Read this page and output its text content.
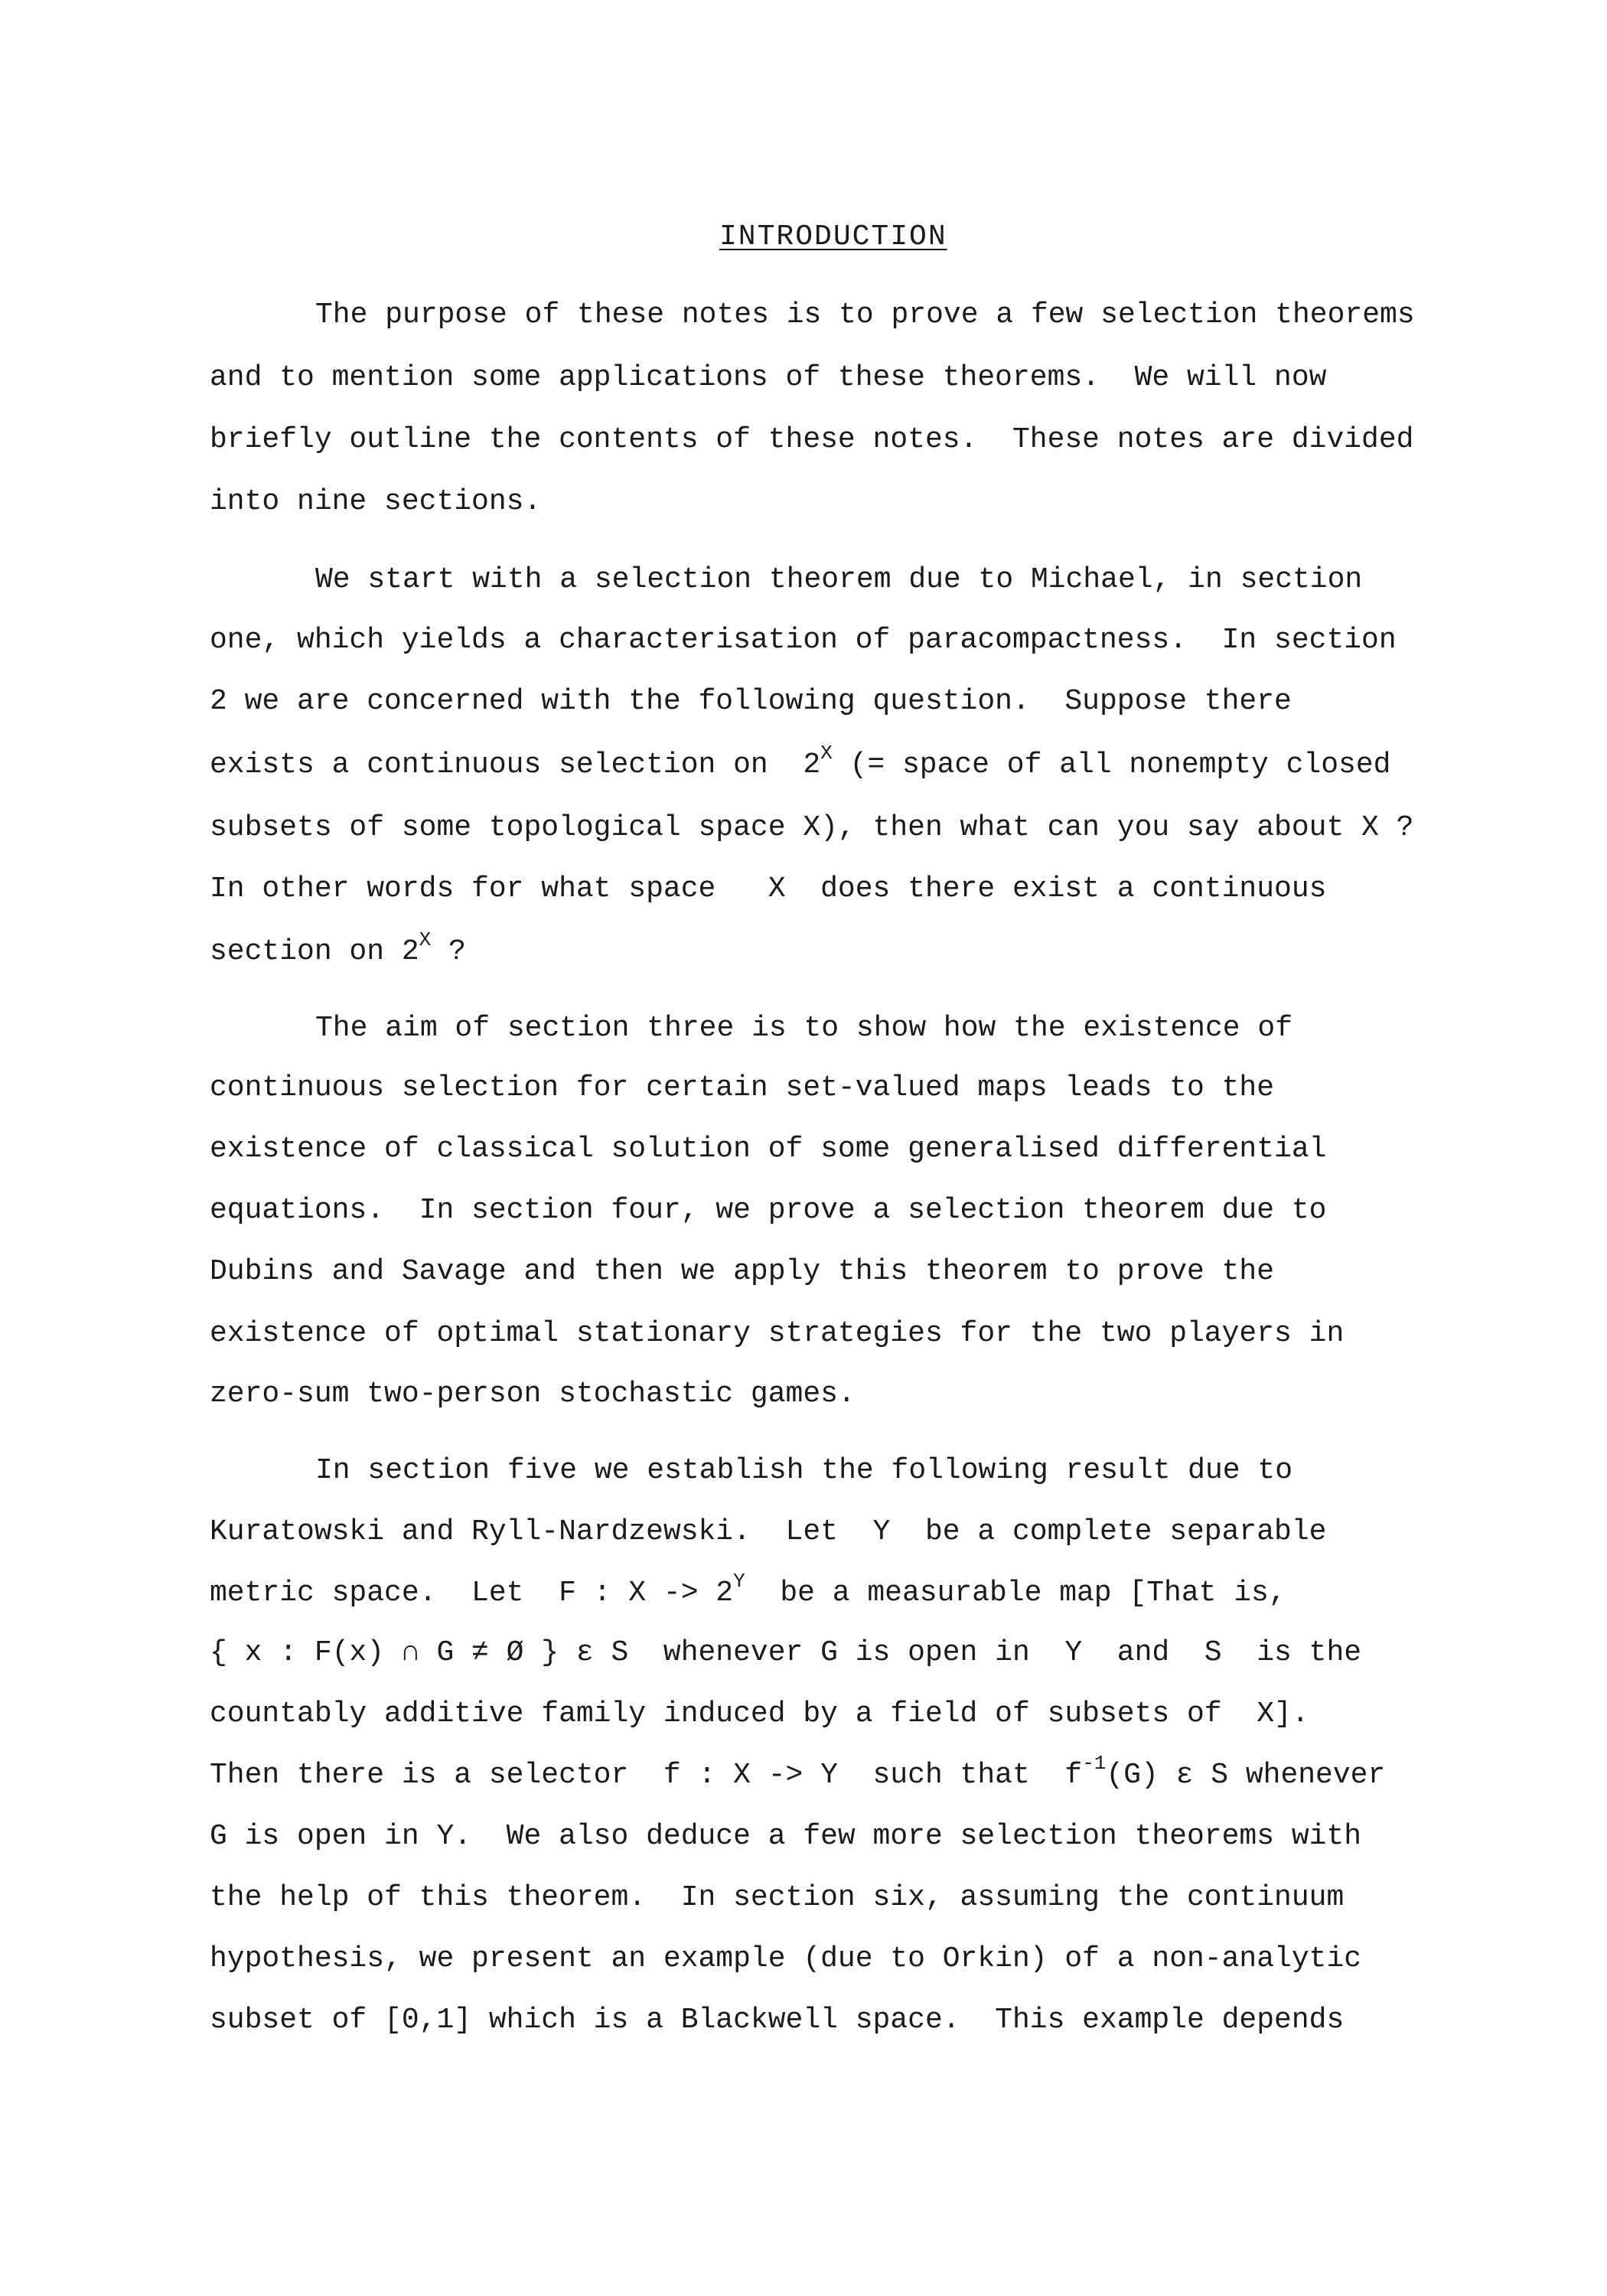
INTRODUCTION
The purpose of these notes is to prove a few selection theorems
and to mention some applications of these theorems.  We will now
briefly outline the contents of these notes.  These notes are divided
into nine sections.
We start with a selection theorem due to Michael, in section
one, which yields a characterisation of paracompactness.  In section
2 we are concerned with the following question.  Suppose there
exists a continuous selection on  $2^X$ (= space of all nonempty closed
subsets of some topological space X), then what can you say about X ?
In other words for what space   X  does there exist a continuous
section on $2^X$ ?
The aim of section three is to show how the existence of
continuous selection for certain set-valued maps leads to the
existence of classical solution of some generalised differential
equations.  In section four, we prove a selection theorem due to
Dubins and Savage and then we apply this theorem to prove the
existence of optimal stationary strategies for the two players in
zero-sum two-person stochastic games.
In section five we establish the following result due to
Kuratowski and Ryll-Nardzewski.  Let  Y  be a complete separable
metric space.  Let  F : $X -> 2^Y$  be a measurable map [That is,
{ x : F(x) ∩ G ≠ Ø } ε S  whenever G is open in  Y  and  S  is the
countably additive family induced by a field of subsets of  X].
Then there is a selector  f : X -> Y  such that  $f^{-1}(G)$ ε S whenever
G is open in Y.  We also deduce a few more selection theorems with
the help of this theorem.  In section six, assuming the continuum
hypothesis, we present an example (due to Orkin) of a non-analytic
subset of [0,1] which is a Blackwell space.  This example depends
